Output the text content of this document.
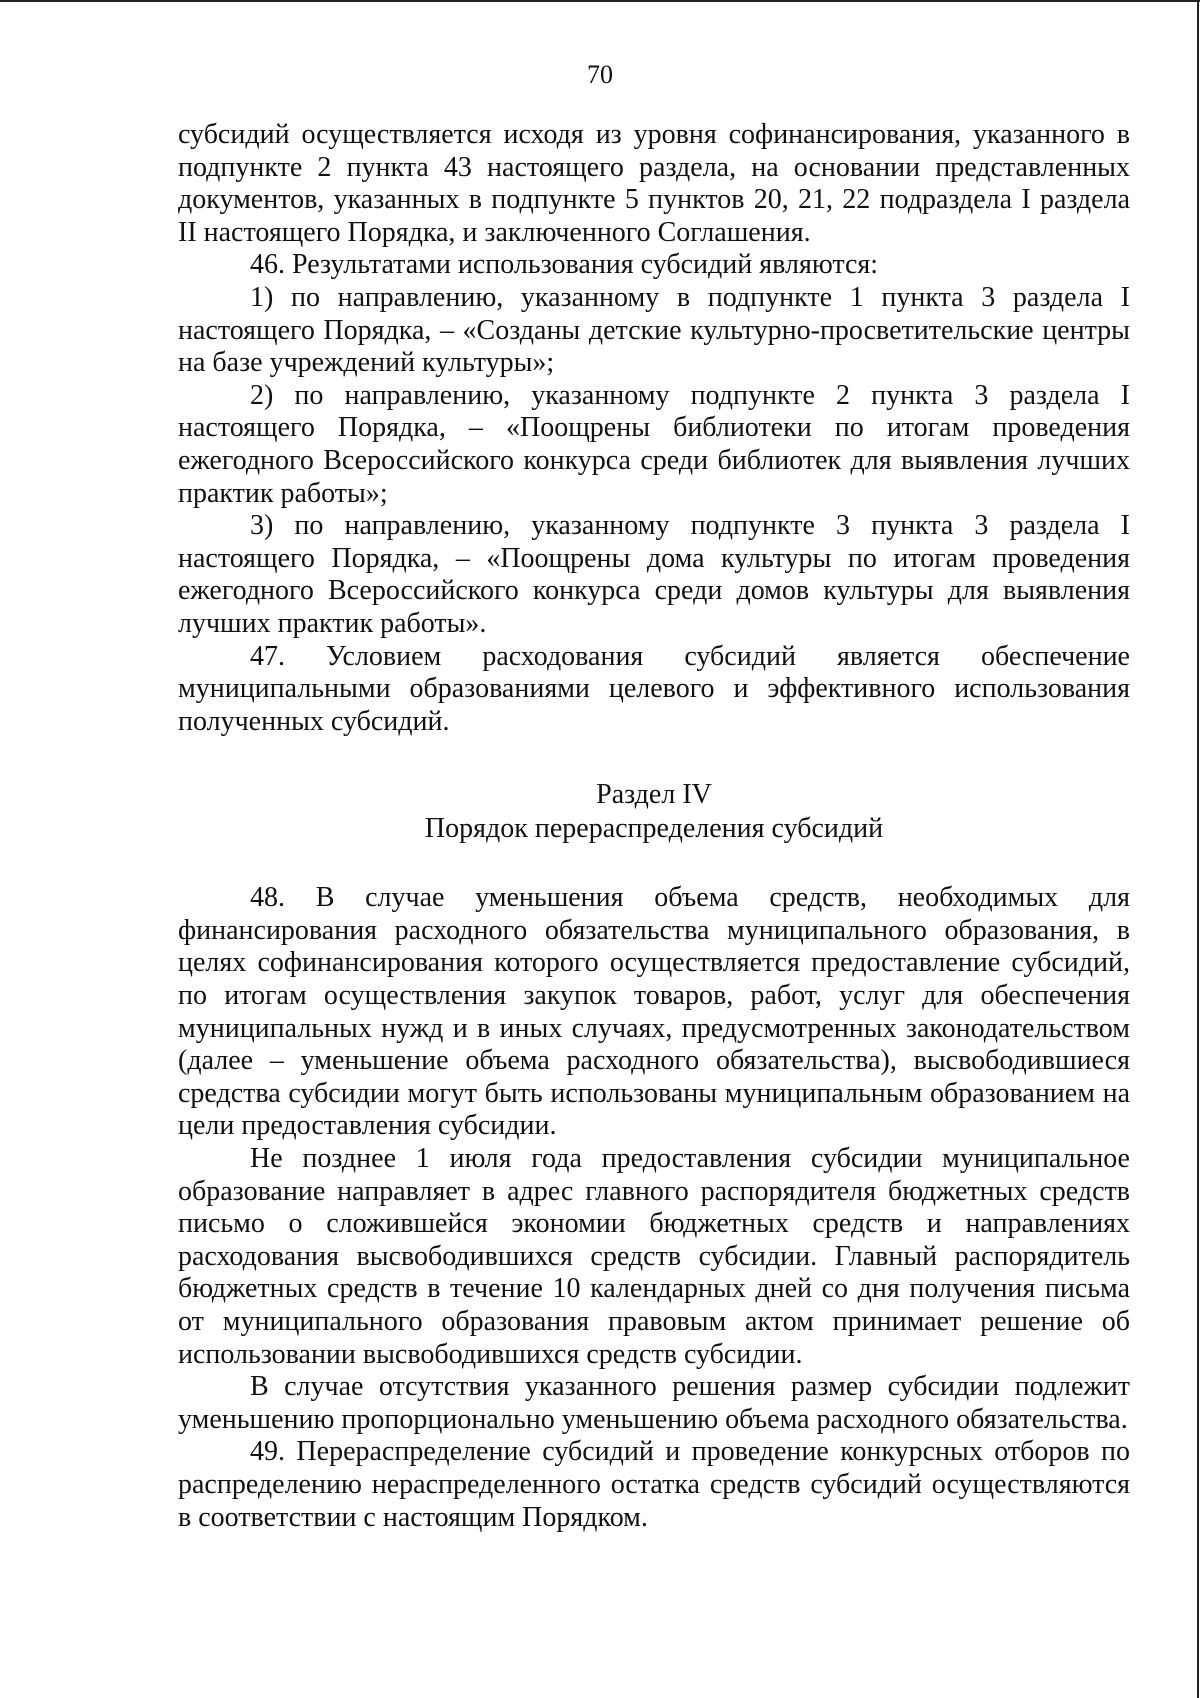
70

субсидий осуществляется исходя из уровня софинансирования, указанного в подпункте 2 пункта 43 настоящего раздела, на основании представленных документов, указанных в подпункте 5 пунктов 20, 21, 22 подраздела I раздела II настоящего Порядка, и заключенного Соглашения.

46. Результатами использования субсидий являются:

1) по направлению, указанному в подпункте 1 пункта 3 раздела I настоящего Порядка, – «Созданы детские культурно-просветительские центры на базе учреждений культуры»;

2) по направлению, указанному подпункте 2 пункта 3 раздела I настоящего Порядка, – «Поощрены библиотеки по итогам проведения ежегодного Всероссийского конкурса среди библиотек для выявления лучших практик работы»;

3) по направлению, указанному подпункте 3 пункта 3 раздела I настоящего Порядка, – «Поощрены дома культуры по итогам проведения ежегодного Всероссийского конкурса среди домов культуры для выявления лучших практик работы».

47. Условием расходования субсидий является обеспечение муниципальными образованиями целевого и эффективного использования полученных субсидий.

Раздел IV

Порядок перераспределения субсидий

48. В случае уменьшения объема средств, необходимых для финансирования расходного обязательства муниципального образования, в целях софинансирования которого осуществляется предоставление субсидий, по итогам осуществления закупок товаров, работ, услуг для обеспечения муниципальных нужд и в иных случаях, предусмотренных законодательством (далее – уменьшение объема расходного обязательства), высвободившиеся средства субсидии могут быть использованы муниципальным образованием на цели предоставления субсидии.

Не позднее 1 июля года предоставления субсидии муниципальное образование направляет в адрес главного распорядителя бюджетных средств письмо о сложившейся экономии бюджетных средств и направлениях расходования высвободившихся средств субсидии. Главный распорядитель бюджетных средств в течение 10 календарных дней со дня получения письма от муниципального образования правовым актом принимает решение об использовании высвободившихся средств субсидии.

В случае отсутствия указанного решения размер субсидии подлежит уменьшению пропорционально уменьшению объема расходного обязательства.

49. Перераспределение субсидий и проведение конкурсных отборов по распределению нераспределенного остатка средств субсидий осуществляются в соответствии с настоящим Порядком.
